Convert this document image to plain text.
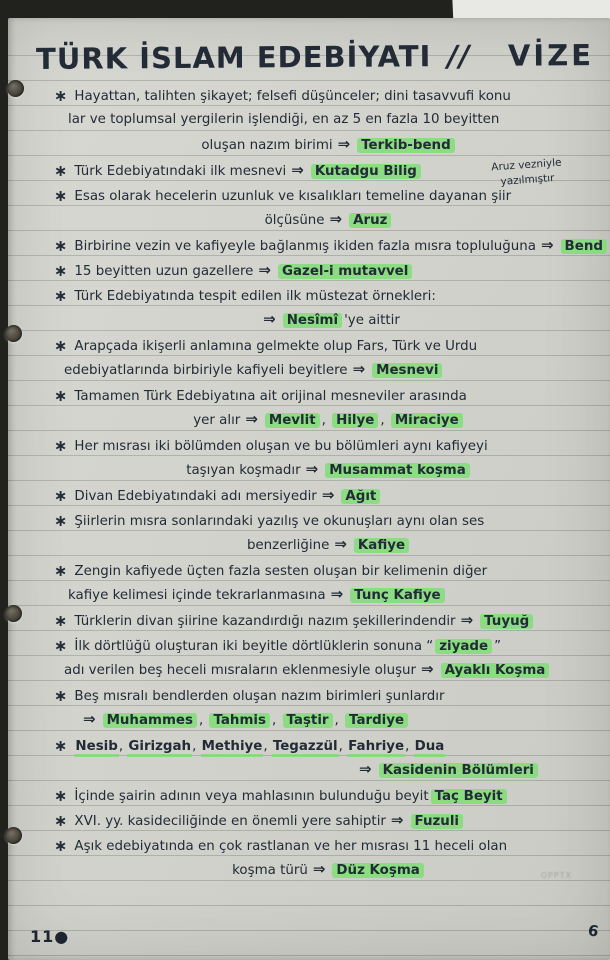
TÜRK İSLAM EDEBİYATI // VİZE
∗ Hayattan, talihten şikayet; felsefi düşünceler; dini tasavvufi konu
lar ve toplumsal yergilerin işlendiği, en az 5 en fazla 10 beyitten
oluşan nazım birimi ⇒ Terkib-bend
∗ Türk Edebiyatındaki ilk mesnevi ⇒ Kutadgu Bilig
∗ Esas olarak hecelerin uzunluk ve kısalıkları temeline dayanan şiir
ölçüsüne ⇒ Aruz
∗ Birbirine vezin ve kafiyeyle bağlanmış ikiden fazla mısra topluluğuna ⇒ Bend
∗ 15 beyitten uzun gazellere ⇒ Gazel-i mutavvel
∗ Türk Edebiyatında tespit edilen ilk müstezat örnekleri:
⇒ Nesîmî 'ye aittir
∗ Arapçada ikişerli anlamına gelmekte olup Fars, Türk ve Urdu
edebiyatlarında birbiriyle kafiyeli beyitlere ⇒ Mesnevi
∗ Tamamen Türk Edebiyatına ait orijinal mesneviler arasında
yer alır ⇒ Mevlit , Hilye , Miraciye
∗ Her mısrası iki bölümden oluşan ve bu bölümleri aynı kafiyeyi
taşıyan koşmadır ⇒ Musammat koşma
∗ Divan Edebiyatındaki adı mersiyedir ⇒ Ağıt
∗ Şiirlerin mısra sonlarındaki yazılış ve okunuşları aynı olan ses
benzerliğine ⇒ Kafiye
∗ Zengin kafiyede üçten fazla sesten oluşan bir kelimenin diğer
kafiye kelimesi içinde tekrarlanmasına ⇒ Tunç Kafiye
∗ Türklerin divan şiirine kazandırdığı nazım şekillerindendir ⇒ Tuyuğ
∗ İlk dörtlüğü oluşturan iki beyitle dörtlüklerin sonuna “ ziyade ”
adı verilen beş heceli mısraların eklenmesiyle oluşur ⇒ Ayaklı Koşma
∗ Beş mısralı bendlerden oluşan nazım birimleri şunlardır
⇒ Muhammes , Tahmis , Taştir , Tardiye
∗ Nesib, Girizgah, Methiye, Tegazzül, Fahriye, Dua
⇒ Kasidenin Bölümleri
∗ İçinde şairin adının veya mahlasının bulunduğu beyit Taç Beyit
∗ XVI. yy. kasideciliğinde en önemli yere sahiptir ⇒ Fuzuli
∗ Aşık edebiyatında en çok rastlanan ve her mısrası 11 heceli olan
koşma türü ⇒ Düz Koşma
Aruz vezniyle
yazılmıştır
11●	6
OPPTX
